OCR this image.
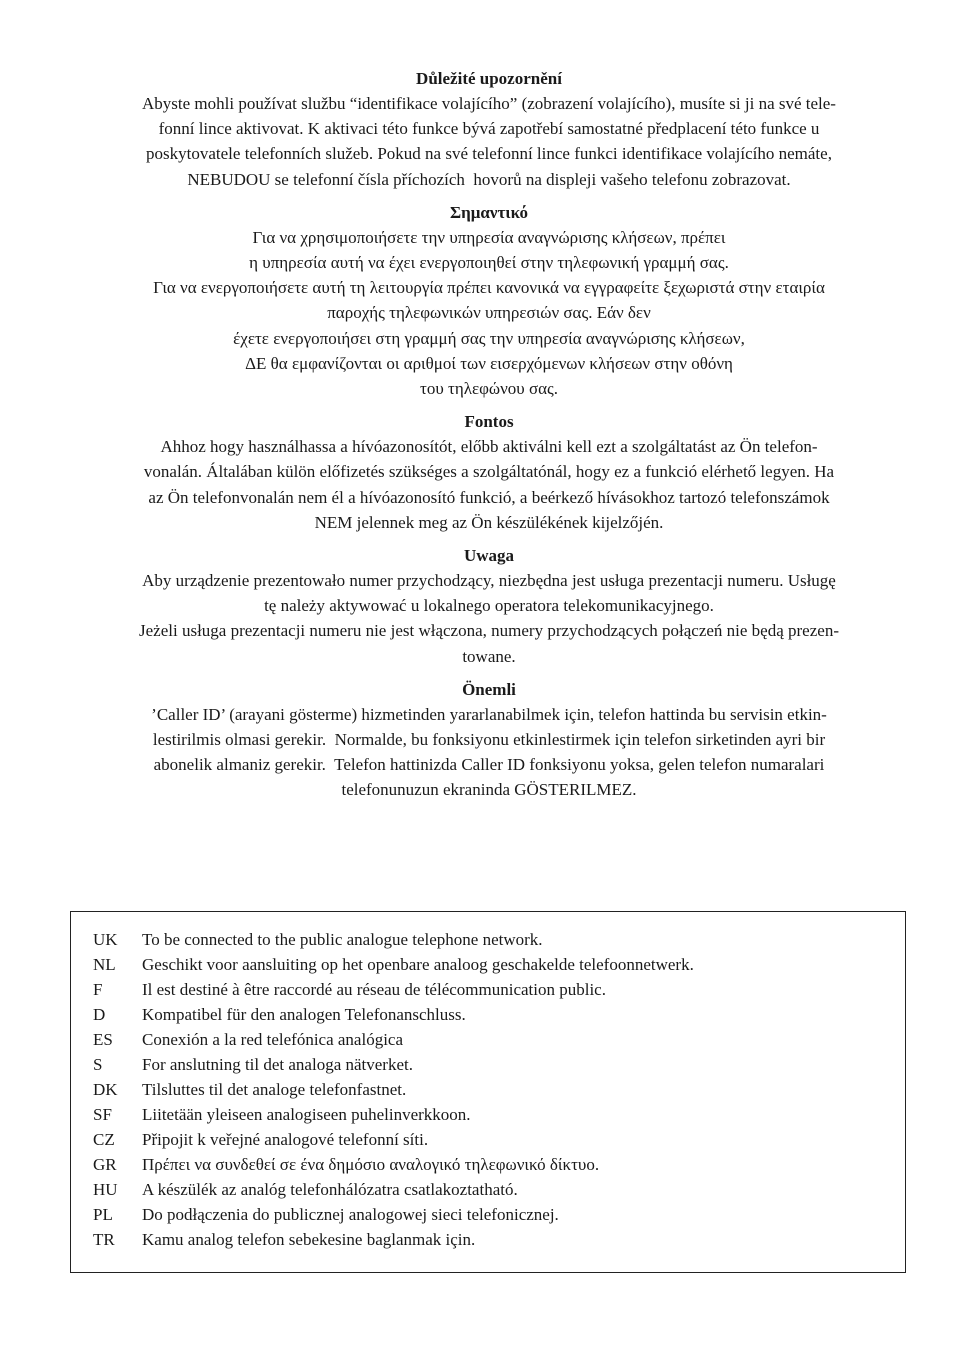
Důležité upozornění
Abyste mohli používat službu “identifikace volajícího” (zobrazení volajícího), musíte si ji na své tele-
fonní lince aktivovat. K aktivaci této funkce bývá zapotřebí samostatné předplacení této funkce u
poskytovatele telefonních služeb. Pokud na své telefonní lince funkci identifikace volajícího nemáte,
NEBUDOU se telefonní čísla příchozích  hovorů na displeji vašeho telefonu zobrazovat.
Σημαντικό
Για να χρησιμοποιήσετε την υπηρεσία αναγνώρισης κλήσεων, πρέπει
η υπηρεσία αυτή να έχει ενεργοποιηθεί στην τηλεφωνική γραμμή σας.
Για να ενεργοποιήσετε αυτή τη λειτουργία πρέπει κανονικά να εγγραφείτε ξεχωριστά στην εταιρία
παροχής τηλεφωνικών υπηρεσιών σας. Εάν δεν
έχετε ενεργοποιήσει στη γραμμή σας την υπηρεσία αναγνώρισης κλήσεων,
ΔΕ θα εμφανίζονται οι αριθμοί των εισερχόμενων κλήσεων στην οθόνη
του τηλεφώνου σας.
Fontos
Ahhoz hogy használhassa a hívóazonosítót, előbb aktiválni kell ezt a szolgáltatást az Ön telefon-
vonalán. Általában külön előfizetés szükséges a szolgáltatónál, hogy ez a funkció elérhető legyen. Ha
az Ön telefonvonalán nem él a hívóazonosító funkció, a beérkező hívásokhoz tartozó telefonszámok
NEM jelennek meg az Ön készülékének kijelzőjén.
Uwaga
Aby urządzenie prezentowało numer przychodzący, niezbędna jest usługa prezentacji numeru. Usługę
tę należy aktywować u lokalnego operatora telekomunikacyjnego.
Jeżeli usługa prezentacji numeru nie jest włączona, numery przychodzących połączeń nie będą prezen-
towane.
Önemli
’Caller ID’ (arayani gösterme) hizmetinden yararlanabilmek için, telefon hattinda bu servisin etkin-
lestirilmis olmasi gerekir.  Normalde, bu fonksiyonu etkinlestirmek için telefon sirketinden ayri bir
abonelik almaniz gerekir.  Telefon hattinizda Caller ID fonksiyonu yoksa, gelen telefon numaralari
telefonunuzun ekraninda GÖSTERILMEZ.
UK	To be connected to the public analogue telephone network.
NL	Geschikt voor aansluiting op het openbare analoog geschakelde telefoonnetwerk.
F	Il est destiné à être raccordé au réseau de télécommunication public.
D	Kompatibel für den analogen Telefonanschluss.
ES	Conexión a la red telefónica analógica
S	For anslutning til det analoga nätverket.
DK	Tilsluttes til det analoge telefonfastnet.
SF	Liitetään yleiseen analogiseen puhelinverkkoon.
CZ	Připojit k veřejné analogové telefonní síti.
GR	Πρέπει να συνδεθεί σε ένα δημόσιο αναλογικό τηλεφωνικό δίκτυο.
HU	A készülék az analóg telefonhálózatra csatlakoztatható.
PL	Do podłączenia do publicznej analogowej sieci telefonicznej.
TR	Kamu analog telefon sebekesine baglanmak için.
